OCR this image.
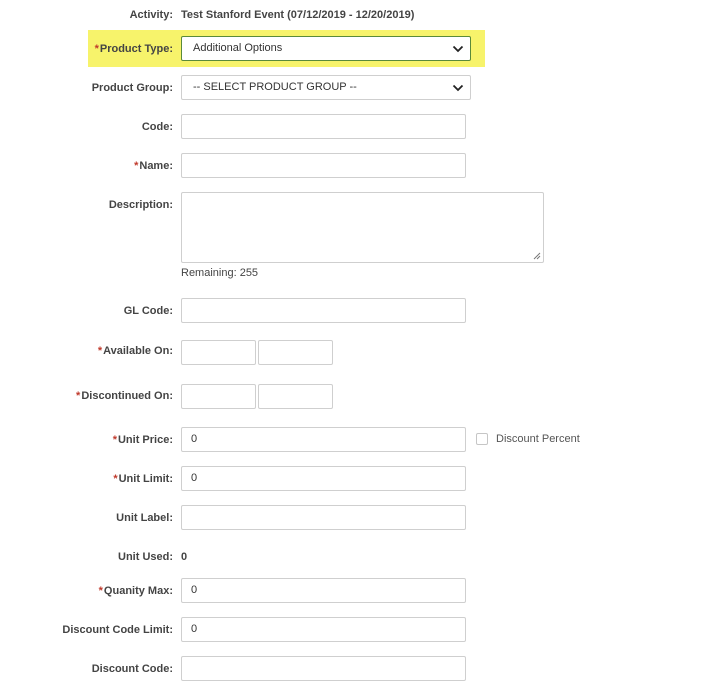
Activity: Test Stanford Event (07/12/2019 - 12/20/2019)
*Product Type:	Additional Options
Product Group:	-- SELECT PRODUCT GROUP --
Code:
*Name:
Description:
Remaining: 255
GL Code:
*Available On:
*Discontinued On:
*Unit Price:	0	Discount Percent
*Unit Limit:	0
Unit Label:
Unit Used: 0
*Quanity Max:	0
Discount Code Limit:	0
Discount Code:
